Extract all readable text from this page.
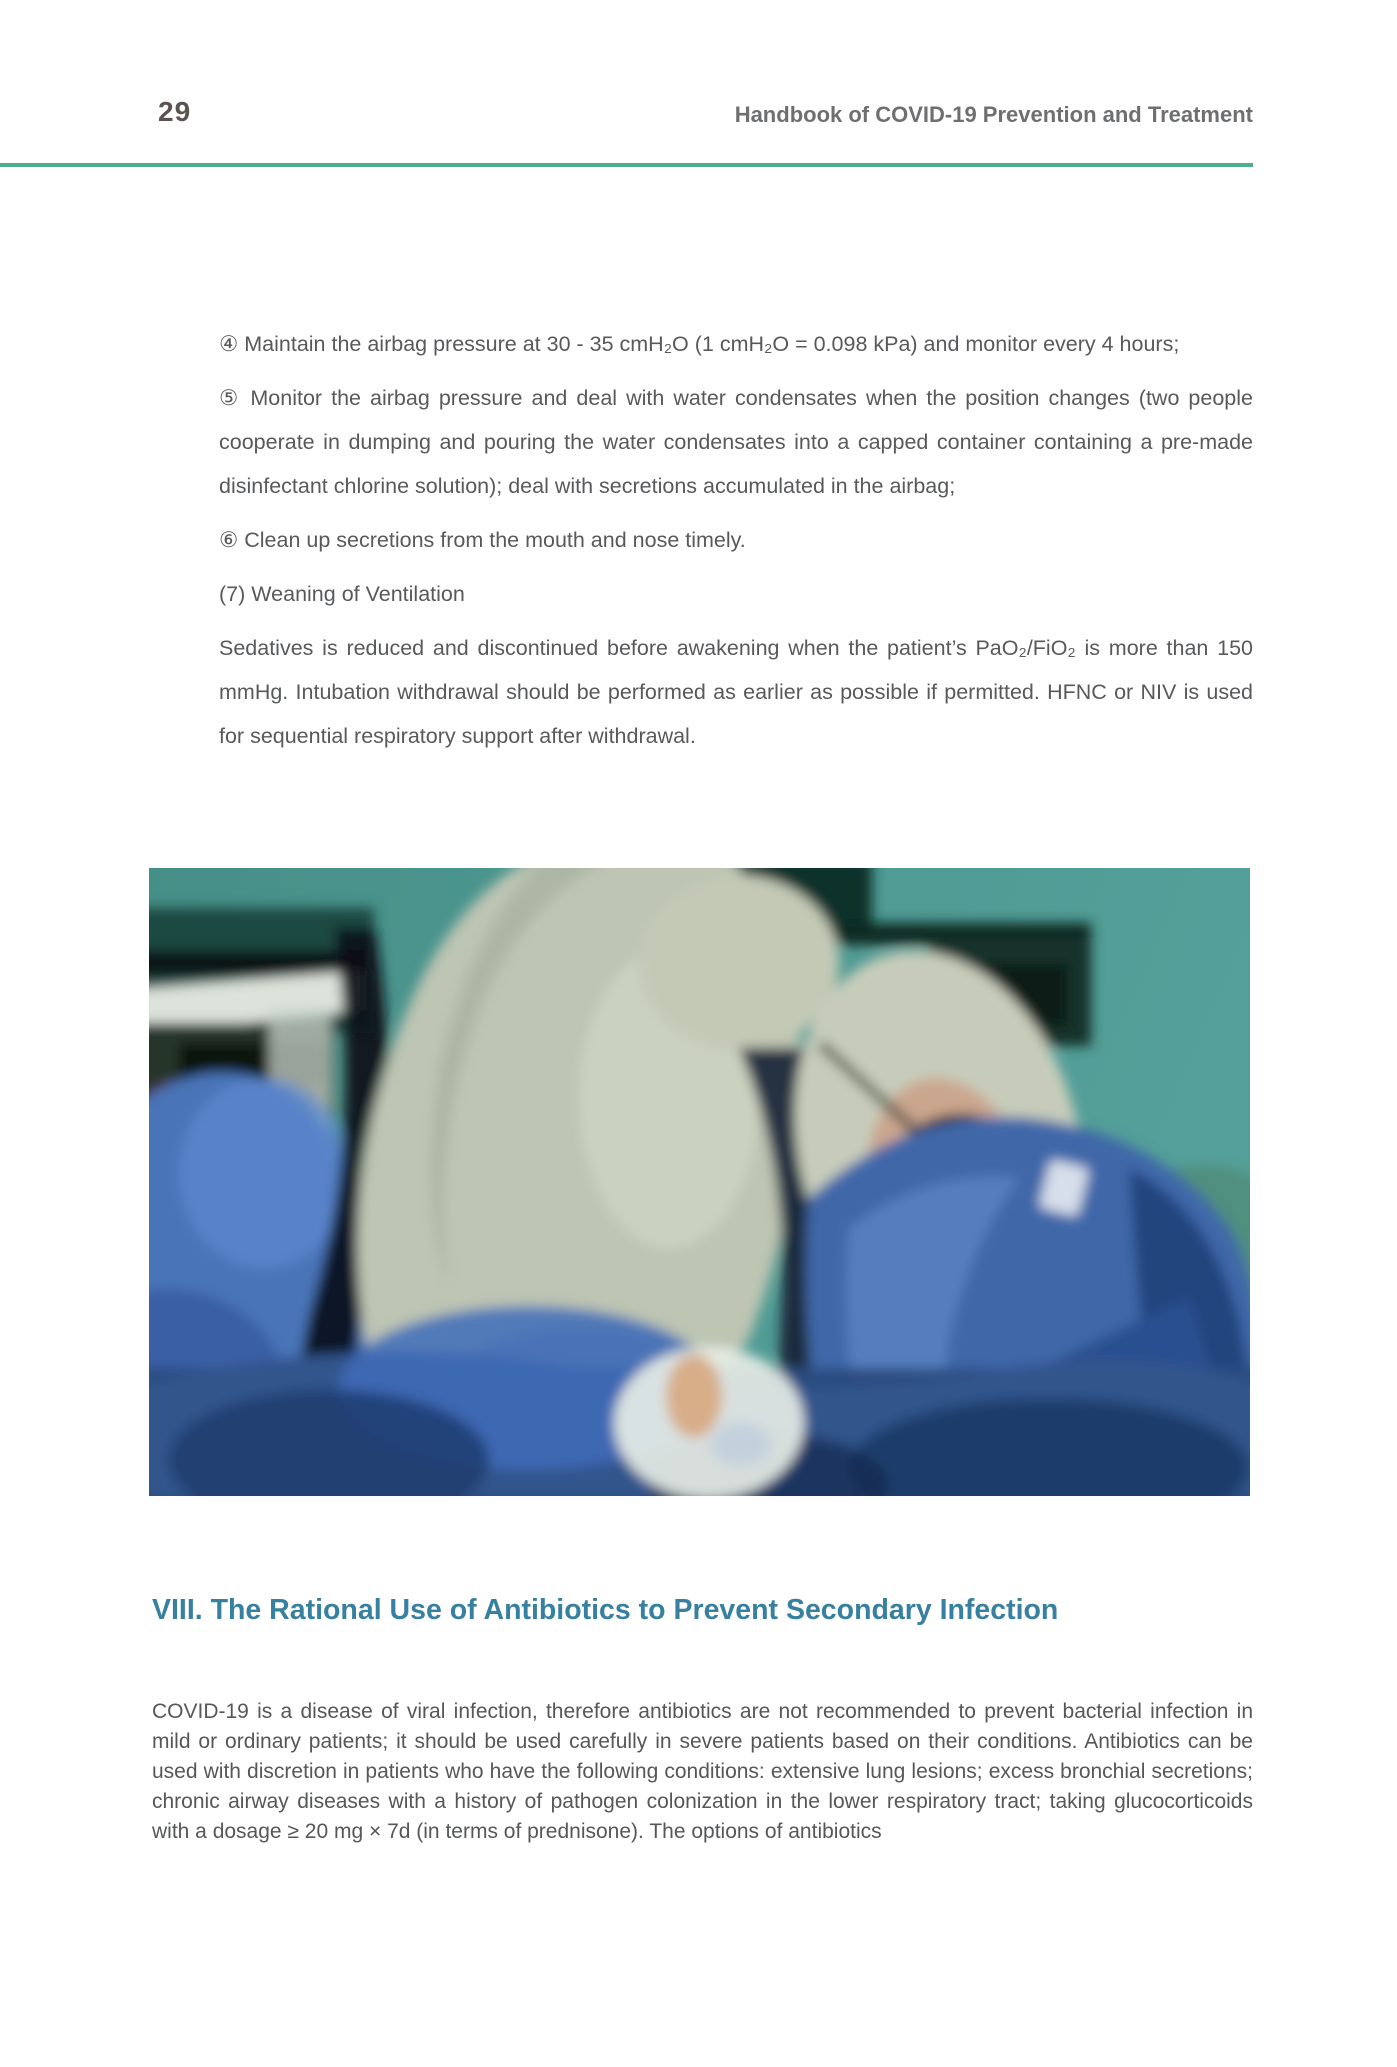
29	Handbook of COVID-19 Prevention and Treatment

④ Maintain the airbag pressure at 30 - 35 cmH₂O (1 cmH₂O = 0.098 kPa) and monitor every 4 hours;

⑤ Monitor the airbag pressure and deal with water condensates when the position changes (two people cooperate in dumping and pouring the water condensates into a capped container containing a pre-made disinfectant chlorine solution); deal with secretions accumulated in the airbag;

⑥ Clean up secretions from the mouth and nose timely.

(7) Weaning of Ventilation

Sedatives is reduced and discontinued before awakening when the patient’s PaO₂/FiO₂ is more than 150 mmHg. Intubation withdrawal should be performed as earlier as possible if permitted. HFNC or NIV is used for sequential respiratory support after withdrawal.

VIII. The Rational Use of Antibiotics to Prevent Secondary Infection

COVID-19 is a disease of viral infection, therefore antibiotics are not recommended to prevent bacterial infection in mild or ordinary patients; it should be used carefully in severe patients based on their conditions. Antibiotics can be used with discretion in patients who have the following conditions: extensive lung lesions; excess bronchial secretions; chronic airway diseases with a history of pathogen colonization in the lower respiratory tract; taking glucocorticoids with a dosage ≥ 20 mg × 7d (in terms of prednisone). The options of antibiotics
